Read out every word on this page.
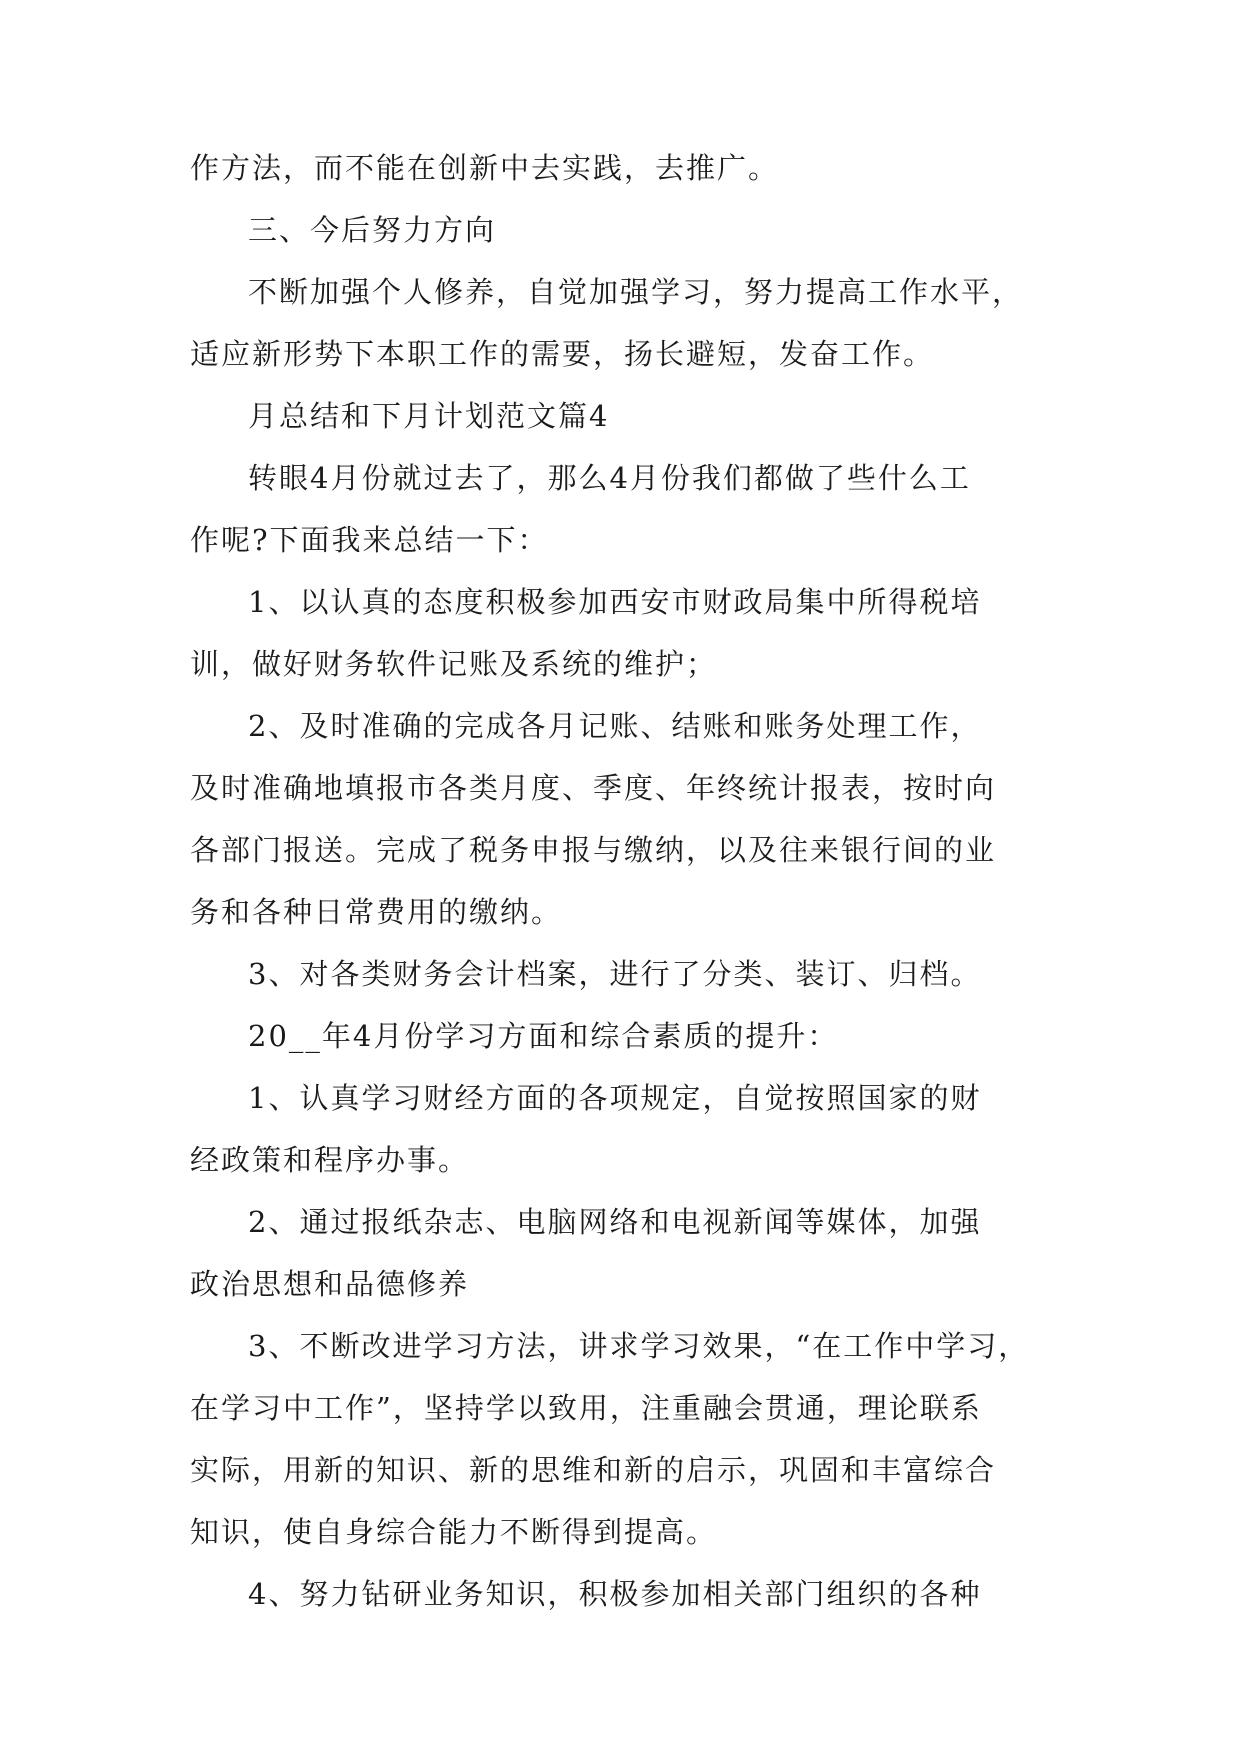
作方法，而不能在创新中去实践，去推广。
三、今后努力方向
不断加强个人修养，自觉加强学习，努力提高工作水平，
适应新形势下本职工作的需要，扬长避短，发奋工作。
月总结和下月计划范文篇4
转眼4月份就过去了，那么4月份我们都做了些什么工
作呢?下面我来总结一下：
1、以认真的态度积极参加西安市财政局集中所得税培
训，做好财务软件记账及系统的维护；
2、及时准确的完成各月记账、结账和账务处理工作，
及时准确地填报市各类月度、季度、年终统计报表，按时向
各部门报送。完成了税务申报与缴纳，以及往来银行间的业
务和各种日常费用的缴纳。
3、对各类财务会计档案，进行了分类、装订、归档。
20__年4月份学习方面和综合素质的提升：
1、认真学习财经方面的各项规定，自觉按照国家的财
经政策和程序办事。
2、通过报纸杂志、电脑网络和电视新闻等媒体，加强
政治思想和品德修养
3、不断改进学习方法，讲求学习效果，“在工作中学习，
在学习中工作”，坚持学以致用，注重融会贯通，理论联系
实际，用新的知识、新的思维和新的启示，巩固和丰富综合
知识，使自身综合能力不断得到提高。
4、努力钻研业务知识，积极参加相关部门组织的各种
